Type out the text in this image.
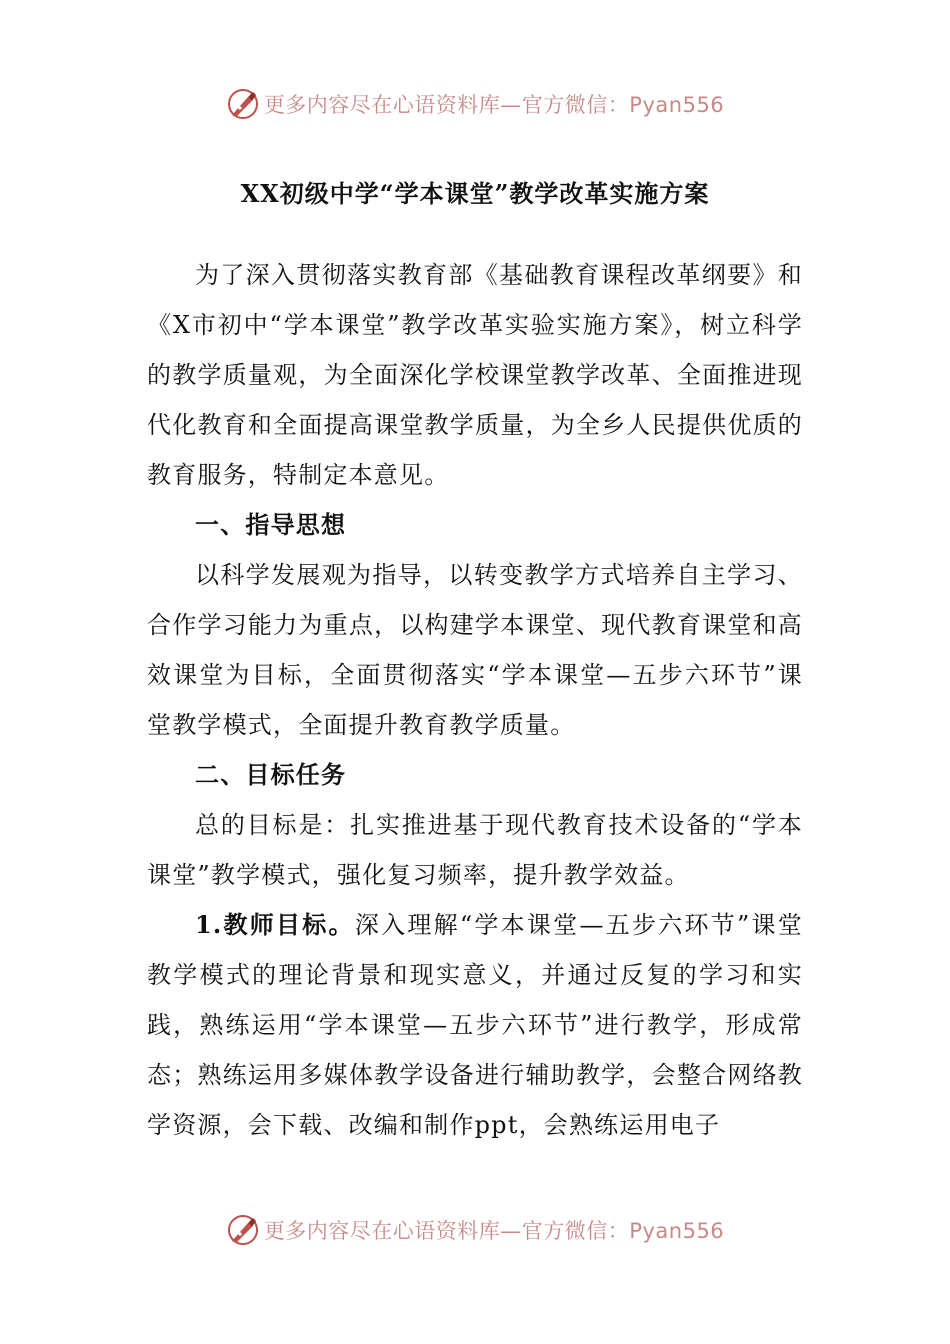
更多内容尽在心语资料库—官方微信：Pyan556
XX初级中学“学本课堂”教学改革实施方案

为了深入贯彻落实教育部《基础教育课程改革纲要》和《X市初中“学本课堂”教学改革实验实施方案》，树立科学的教学质量观，为全面深化学校课堂教学改革、全面推进现代化教育和全面提高课堂教学质量，为全乡人民提供优质的教育服务，特制定本意见。

一、指导思想

以科学发展观为指导，以转变教学方式培养自主学习、合作学习能力为重点，以构建学本课堂、现代教育课堂和高效课堂为目标，全面贯彻落实“学本课堂—五步六环节”课堂教学模式，全面提升教育教学质量。

二、目标任务

总的目标是：扎实推进基于现代教育技术设备的“学本课堂”教学模式，强化复习频率，提升教学效益。

1.教师目标。深入理解“学本课堂—五步六环节”课堂教学模式的理论背景和现实意义，并通过反复的学习和实践，熟练运用“学本课堂—五步六环节”进行教学，形成常态；熟练运用多媒体教学设备进行辅助教学，会整合网络教学资源，会下载、改编和制作ppt，会熟练运用电子

更多内容尽在心语资料库—官方微信：Pyan556
